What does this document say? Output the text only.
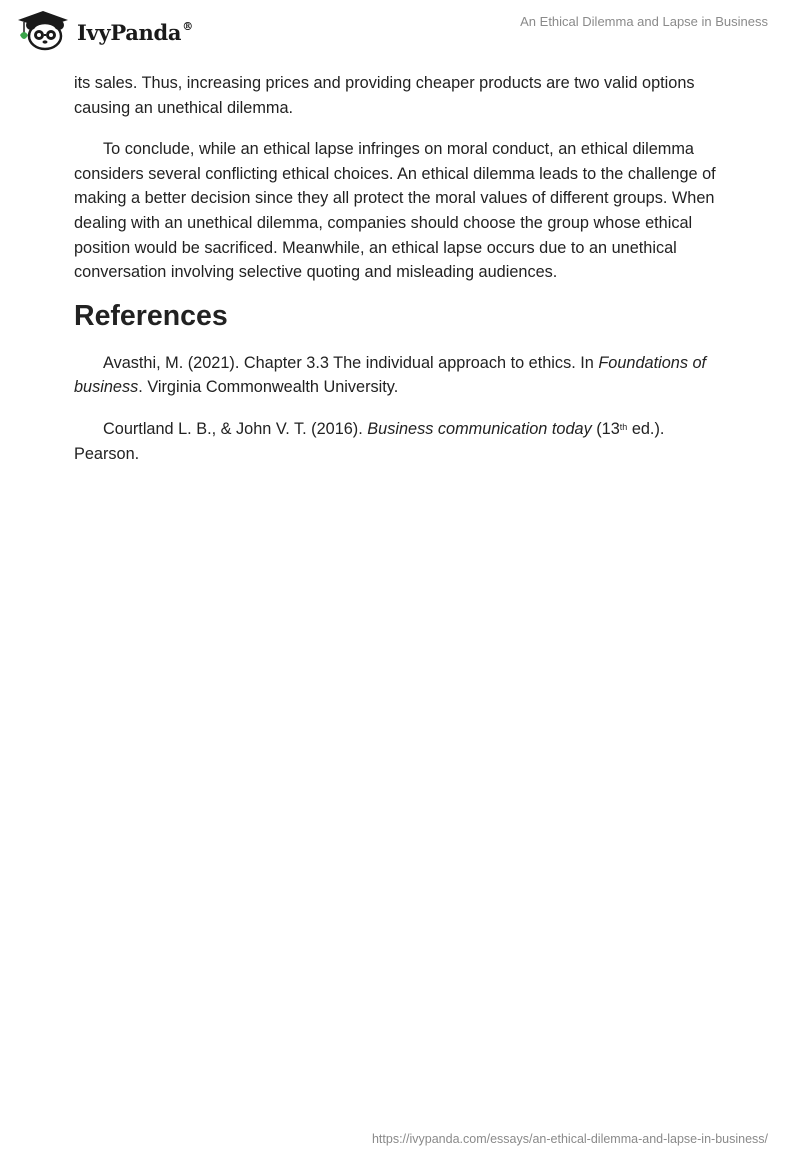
IvyPanda®	An Ethical Dilemma and Lapse in Business

its sales. Thus, increasing prices and providing cheaper products are two valid options causing an unethical dilemma.

To conclude, while an ethical lapse infringes on moral conduct, an ethical dilemma considers several conflicting ethical choices. An ethical dilemma leads to the challenge of making a better decision since they all protect the moral values of different groups. When dealing with an unethical dilemma, companies should choose the group whose ethical position would be sacrificed. Meanwhile, an ethical lapse occurs due to an unethical conversation involving selective quoting and misleading audiences.

References

Avasthi, M. (2021). Chapter 3.3 The individual approach to ethics. In Foundations of business. Virginia Commonwealth University.

Courtland L. B., & John V. T. (2016). Business communication today (13th ed.). Pearson.

https://ivypanda.com/essays/an-ethical-dilemma-and-lapse-in-business/
